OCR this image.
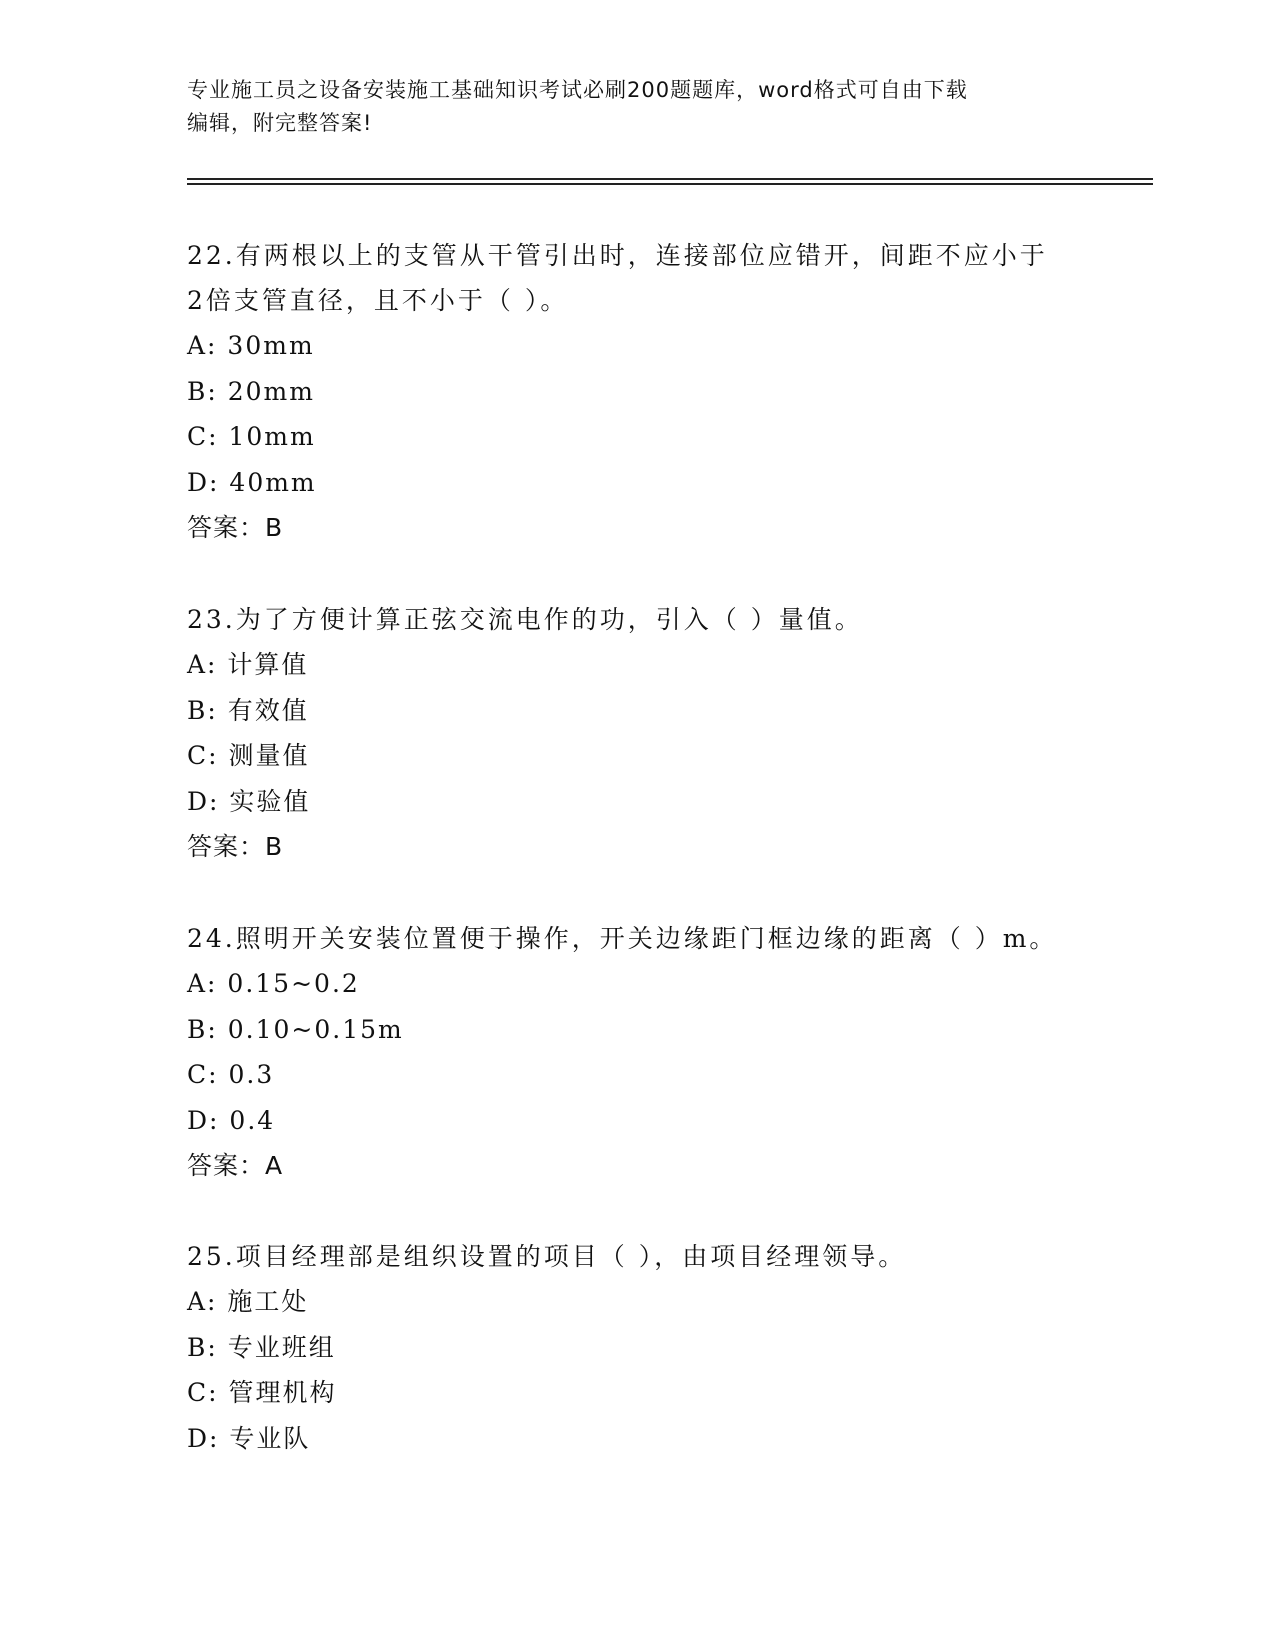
专业施工员之设备安装施工基础知识考试必刷200题题库，word格式可自由下载
编辑，附完整答案!
22.有两根以上的支管从干管引出时，连接部位应错开，间距不应小于
2倍支管直径，且不小于（ ）。
A: 30mm
B: 20mm
C: 10mm
D: 40mm
答案：B
23.为了方便计算正弦交流电作的功，引入（ ）量值。
A: 计算值
B: 有效值
C: 测量值
D: 实验值
答案：B
24.照明开关安装位置便于操作，开关边缘距门框边缘的距离（ ）m。
A: 0.15~0.2
B: 0.10~0.15m
C: 0.3
D: 0.4
答案：A
25.项目经理部是组织设置的项目（ ），由项目经理领导。
A: 施工处
B: 专业班组
C: 管理机构
D: 专业队
